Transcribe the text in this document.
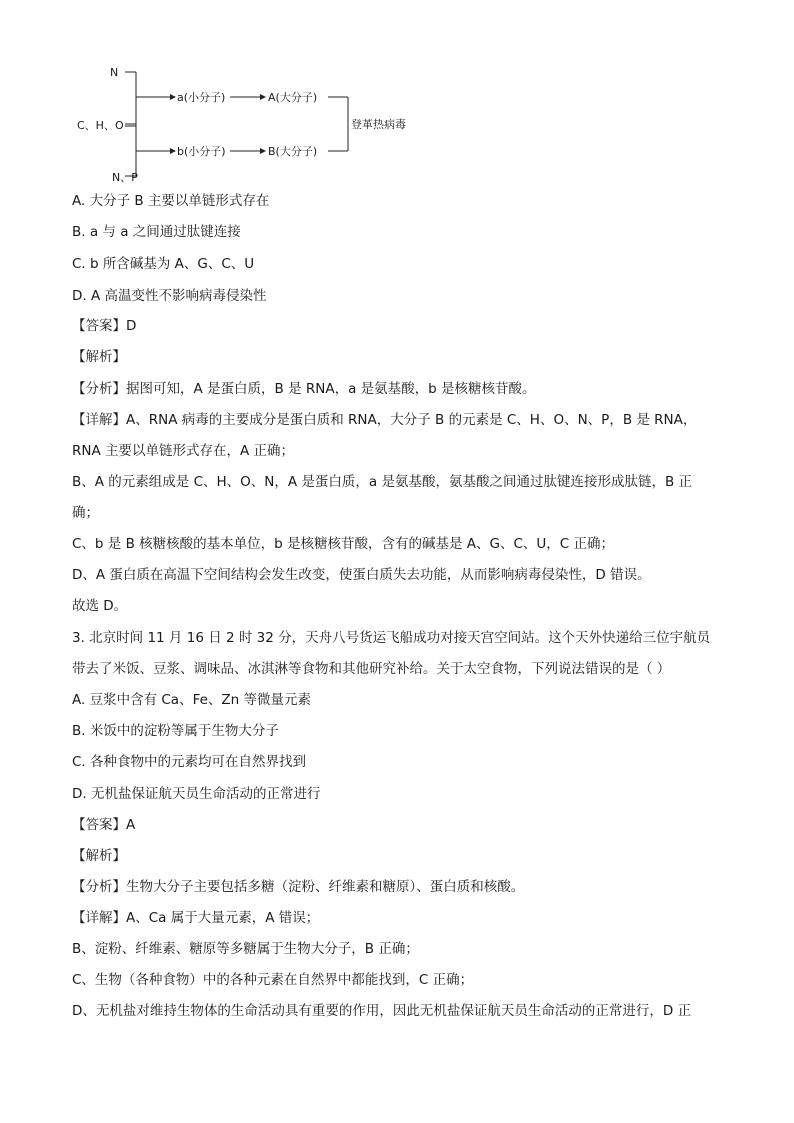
N
C、H、O
N、P
a(小分子)	A(大分子)
b(小分子)	B(大分子)
登革热病毒
A. 大分子 B 主要以单链形式存在
B. a 与 a 之间通过肽键连接
C. b 所含碱基为 A、G、C、U
D. A 高温变性不影响病毒侵染性
【答案】D
【解析】
【分析】据图可知，A 是蛋白质，B 是 RNA，a 是氨基酸，b 是核糖核苷酸。
【详解】A、RNA 病毒的主要成分是蛋白质和 RNA，大分子 B 的元素是 C、H、O、N、P，B 是 RNA，
RNA 主要以单链形式存在，A 正确；
B、A 的元素组成是 C、H、O、N，A 是蛋白质，a 是氨基酸，氨基酸之间通过肽键连接形成肽链，B 正
确；
C、b 是 B 核糖核酸的基本单位，b 是核糖核苷酸，含有的碱基是 A、G、C、U，C 正确；
D、A 蛋白质在高温下空间结构会发生改变，使蛋白质失去功能，从而影响病毒侵染性，D 错误。
故选 D。
3. 北京时间 11 月 16 日 2 时 32 分，天舟八号货运飞船成功对接天宫空间站。这个天外快递给三位宇航员
带去了米饭、豆浆、调味品、冰淇淋等食物和其他研究补给。关于太空食物，下列说法错误的是（ ）
A. 豆浆中含有 Ca、Fe、Zn 等微量元素
B. 米饭中的淀粉等属于生物大分子
C. 各种食物中的元素均可在自然界找到
D. 无机盐保证航天员生命活动的正常进行
【答案】A
【解析】
【分析】生物大分子主要包括多糖（淀粉、纤维素和糖原）、蛋白质和核酸。
【详解】A、Ca 属于大量元素，A 错误；
B、淀粉、纤维素、糖原等多糖属于生物大分子，B 正确；
C、生物（各种食物）中的各种元素在自然界中都能找到，C 正确；
D、无机盐对维持生物体的生命活动具有重要的作用，因此无机盐保证航天员生命活动的正常进行，D 正
